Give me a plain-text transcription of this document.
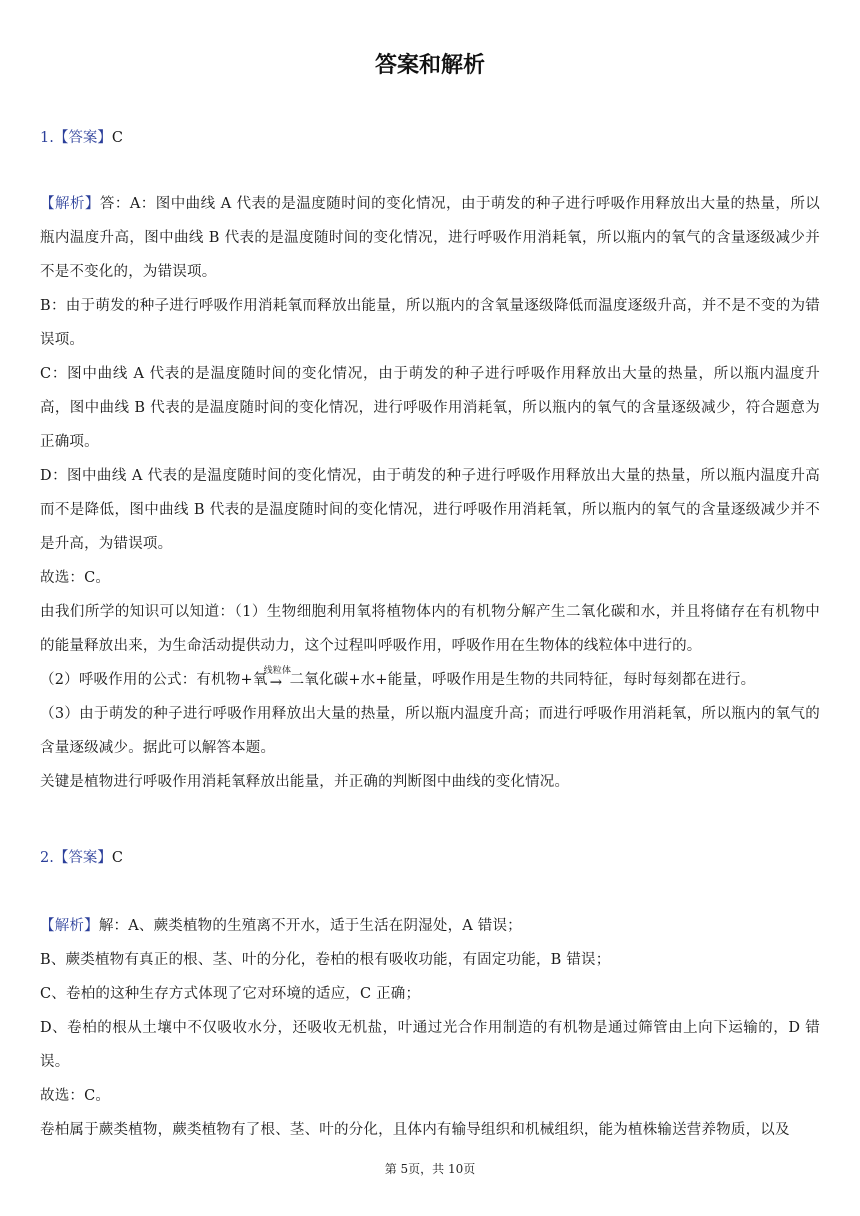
答案和解析
1.【答案】C

【解析】答：A：图中曲线 A 代表的是温度随时间的变化情况，由于萌发的种子进行呼吸作用释放出大量的热量，所以瓶内温度升高，图中曲线 B 代表的是温度随时间的变化情况，进行呼吸作用消耗氧，所以瓶内的氧气的含量逐级减少并不是不变化的，为错误项。

B：由于萌发的种子进行呼吸作用消耗氧而释放出能量，所以瓶内的含氧量逐级降低而温度逐级升高，并不是不变的为错误项。

C：图中曲线 A 代表的是温度随时间的变化情况，由于萌发的种子进行呼吸作用释放出大量的热量，所以瓶内温度升高，图中曲线 B 代表的是温度随时间的变化情况，进行呼吸作用消耗氧，所以瓶内的氧气的含量逐级减少，符合题意为正确项。

D：图中曲线 A 代表的是温度随时间的变化情况，由于萌发的种子进行呼吸作用释放出大量的热量，所以瓶内温度升高而不是降低，图中曲线 B 代表的是温度随时间的变化情况，进行呼吸作用消耗氧，所以瓶内的氧气的含量逐级减少并不是升高，为错误项。

故选：C。

由我们所学的知识可以知道：（1）生物细胞利用氧将植物体内的有机物分解产生二氧化碳和水，并且将储存在有机物中的能量释放出来，为生命活动提供动力，这个过程叫呼吸作用，呼吸作用在生物体的线粒体中进行的。

（2）呼吸作用的公式：有机物+氧
线粒体
→ 二氧化碳+水+能量，呼吸作用是生物的共同特征，每时每刻都在进行。

（3）由于萌发的种子进行呼吸作用释放出大量的热量，所以瓶内温度升高；而进行呼吸作用消耗氧，所以瓶内的氧气的含量逐级减少。据此可以解答本题。

关键是植物进行呼吸作用消耗氧释放出能量，并正确的判断图中曲线的变化情况。

2.【答案】C

【解析】解：A、蕨类植物的生殖离不开水，适于生活在阴湿处，A 错误；

B、蕨类植物有真正的根、茎、叶的分化，卷柏的根有吸收功能，有固定功能，B 错误；

C、卷柏的这种生存方式体现了它对环境的适应，C 正确；

D、卷柏的根从土壤中不仅吸收水分，还吸收无机盐，叶通过光合作用制造的有机物是通过筛管由上向下运输的，D 错误。

故选：C。

卷柏属于蕨类植物，蕨类植物有了根、茎、叶的分化，且体内有输导组织和机械组织，能为植株输送营养物质，以及

第 5页，共 10页
